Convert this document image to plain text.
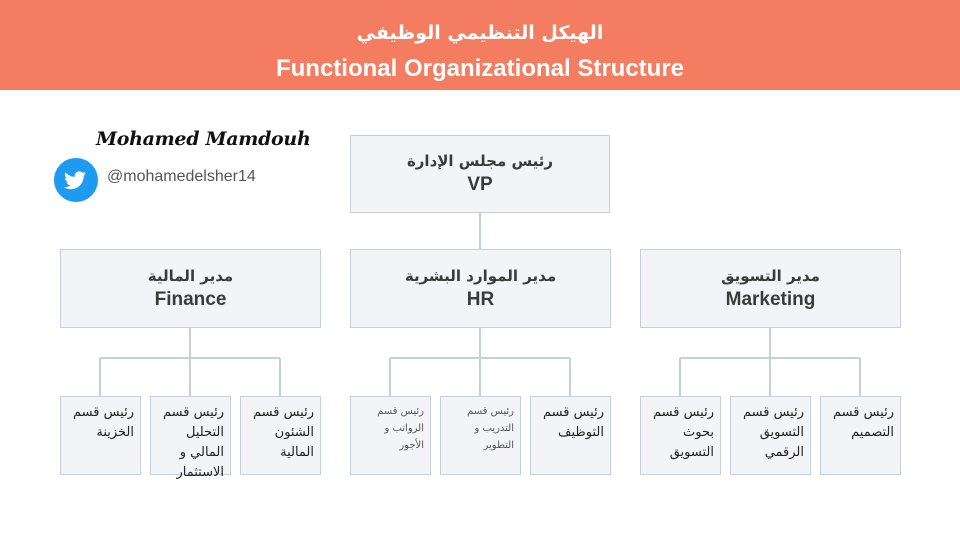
الهيكل التنظيمي الوظيفي
Functional Organizational Structure
Mohamed Mamdouh
@mohamedelsher14
رئيس مجلس الإدارة
VP
مدير المالية
Finance
مدير الموارد البشرية
HR
مدير التسويق
Marketing
رئيس قسم الخزينة
رئيس قسم التحليل المالي و الاستثمار
رئيس قسم الشئون المالية
رئيس قسم الرواتب و الأجور
رئيس قسم التدريب و التطوير
رئيس قسم التوظيف
رئيس قسم بحوث التسويق
رئيس قسم التسويق الرقمي
رئيس قسم التصميم
